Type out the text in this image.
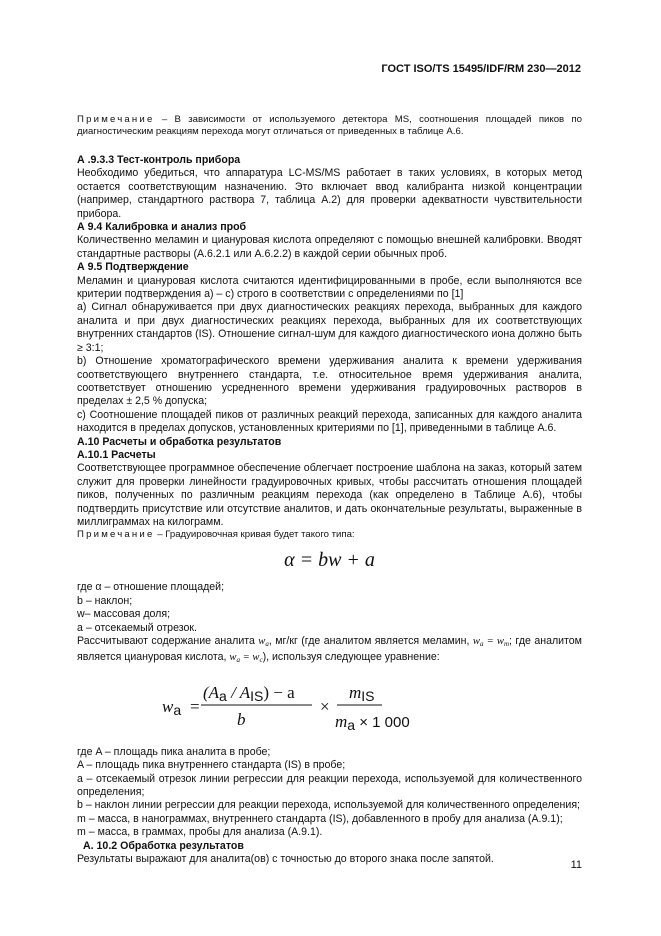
ГОСТ ISO/TS 15495/IDF/RM 230—2012

Примечание – В зависимости от используемого детектора MS, соотношения площадей пиков по диагностическим реакциям перехода могут отличаться от приведенных в таблице А.6.

А .9.3.3 Тест-контроль прибора

Необходимо убедиться, что аппаратура LC-MS/MS работает в таких условиях, в которых метод остается соответствующим назначению. Это включает ввод калибранта низкой концентрации (например, стандартного раствора 7, таблица А.2) для проверки адекватности чувствительности прибора.

А 9.4 Калибровка и анализ проб

Количественно меламин и циануровая кислота определяют с помощью внешней калибровки. Вводят стандартные растворы (А.6.2.1 или А.6.2.2) в каждой серии обычных проб.

А 9.5 Подтверждение

Меламин и циануровая кислота считаются идентифицированными в пробе, если выполняются все критерии подтверждения а) – с) строго в соответствии с определениями по [1]

а) Сигнал обнаруживается при двух диагностических реакциях перехода, выбранных для каждого аналита и при двух диагностических реакциях перехода, выбранных для их соответствующих внутренних стандартов (IS). Отношение сигнал-шум для каждого диагностического иона должно быть ≥ 3:1;

b) Отношение хроматографического времени удерживания аналита к времени удерживания соответствующего внутреннего стандарта, т.е. относительное время удерживания аналита, соответствует отношению усредненного времени удерживания градуировочных растворов в пределах ± 2,5 % допуска;

с) Соотношение площадей пиков от различных реакций перехода, записанных для каждого аналита находится в пределах допусков, установленных критериями по [1], приведенными в таблице А.6.

А.10 Расчеты и обработка результатов

А.10.1 Расчеты

Соответствующее программное обеспечение облегчает построение шаблона на заказ, который затем служит для проверки линейности градуировочных кривых, чтобы рассчитать отношения площадей пиков, полученных по различным реакциям перехода (как определено в Таблице А.6), чтобы подтвердить присутствие или отсутствие аналитов, и дать окончательные результаты, выраженные в миллиграммах на килограмм.

Примечание – Градуировочная кривая будет такого типа:

α = bw + a

где α – отношение площадей;

b – наклон;

w– массовая доля;

a – отсекаемый отрезок.

Рассчитывают содержание аналита $w_a$, мг/кг (где аналитом является меламин, $w_a = w_m$; где аналитом является циануровая кислота, $w_a = w_c$), используя следующее уравнение:

wa =
(Aa / AIS) − a
b
×
mIS
ma × 1 000

где A – площадь пика аналита в пробе;

A – площадь пика внутреннего стандарта (IS) в пробе;

a – отсекаемый отрезок линии регрессии для реакции перехода, используемой для количественного определения;

b – наклон линии регрессии для реакции перехода, используемой для количественного определения;

m – масса, в нанограммах, внутреннего стандарта (IS), добавленного в пробу для анализа (А.9.1);

m – масса, в граммах, пробы для анализа (А.9.1).

А. 10.2 Обработка результатов

Результаты выражают для аналита(ов) с точностью до второго знака после запятой.	11
